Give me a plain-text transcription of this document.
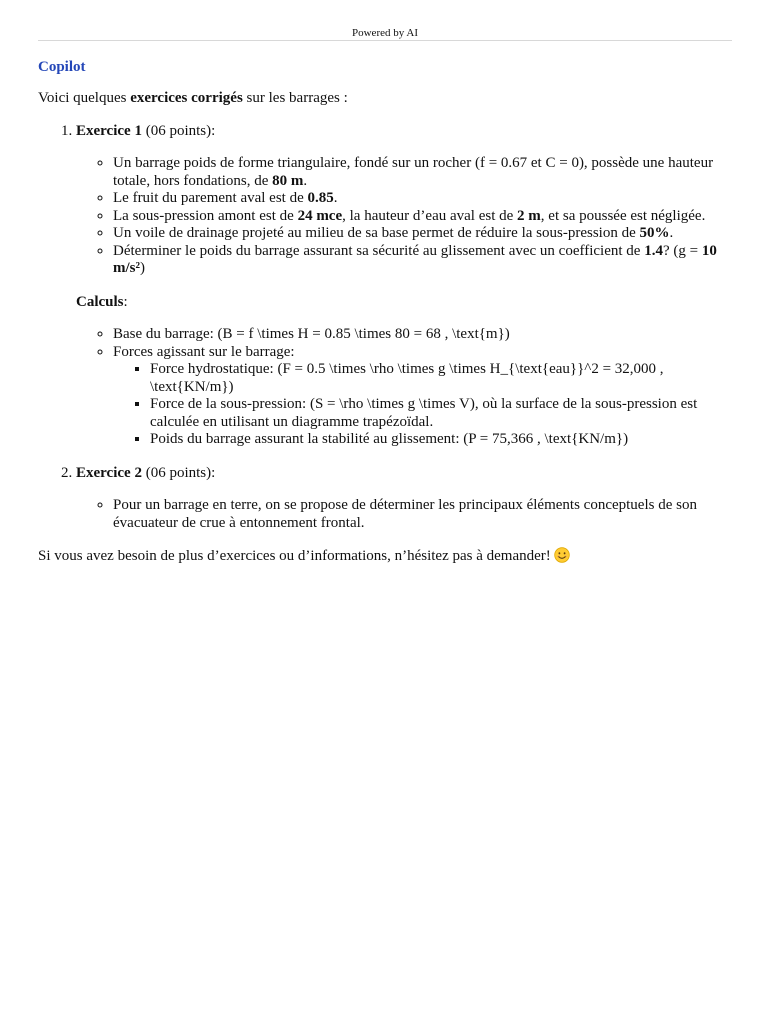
Powered by AI
Copilot

Voici quelques exercices corrigés sur les barrages :

1. Exercice 1 (06 points):
◦ Un barrage poids de forme triangulaire, fondé sur un rocher (f = 0.67 et C = 0), possède une hauteur totale, hors fondations, de 80 m.
◦ Le fruit du parement aval est de 0.85.
◦ La sous-pression amont est de 24 mce, la hauteur d’eau aval est de 2 m, et sa poussée est négligée.
◦ Un voile de drainage projeté au milieu de sa base permet de réduire la sous-pression de 50%.
◦ Déterminer le poids du barrage assurant sa sécurité au glissement avec un coefficient de 1.4? (g = 10 m/s²)

Calculs:

◦ Base du barrage: (B = f \times H = 0.85 \times 80 = 68 , \text{m})
◦ Forces agissant sur le barrage:
▪ Force hydrostatique: (F = 0.5 \times \rho \times g \times H_{\text{eau}}^2 = 32,000 , \text{KN/m})
▪ Force de la sous-pression: (S = \rho \times g \times V), où la surface de la sous-pression est calculée en utilisant un diagramme trapézoïdal.
▪ Poids du barrage assurant la stabilité au glissement: (P = 75,366 , \text{KN/m})
2. Exercice 2 (06 points):
◦ Pour un barrage en terre, on se propose de déterminer les principaux éléments conceptuels de son évacuateur de crue à entonnement frontal.

Si vous avez besoin de plus d’exercices ou d’informations, n’hésitez pas à demander!
